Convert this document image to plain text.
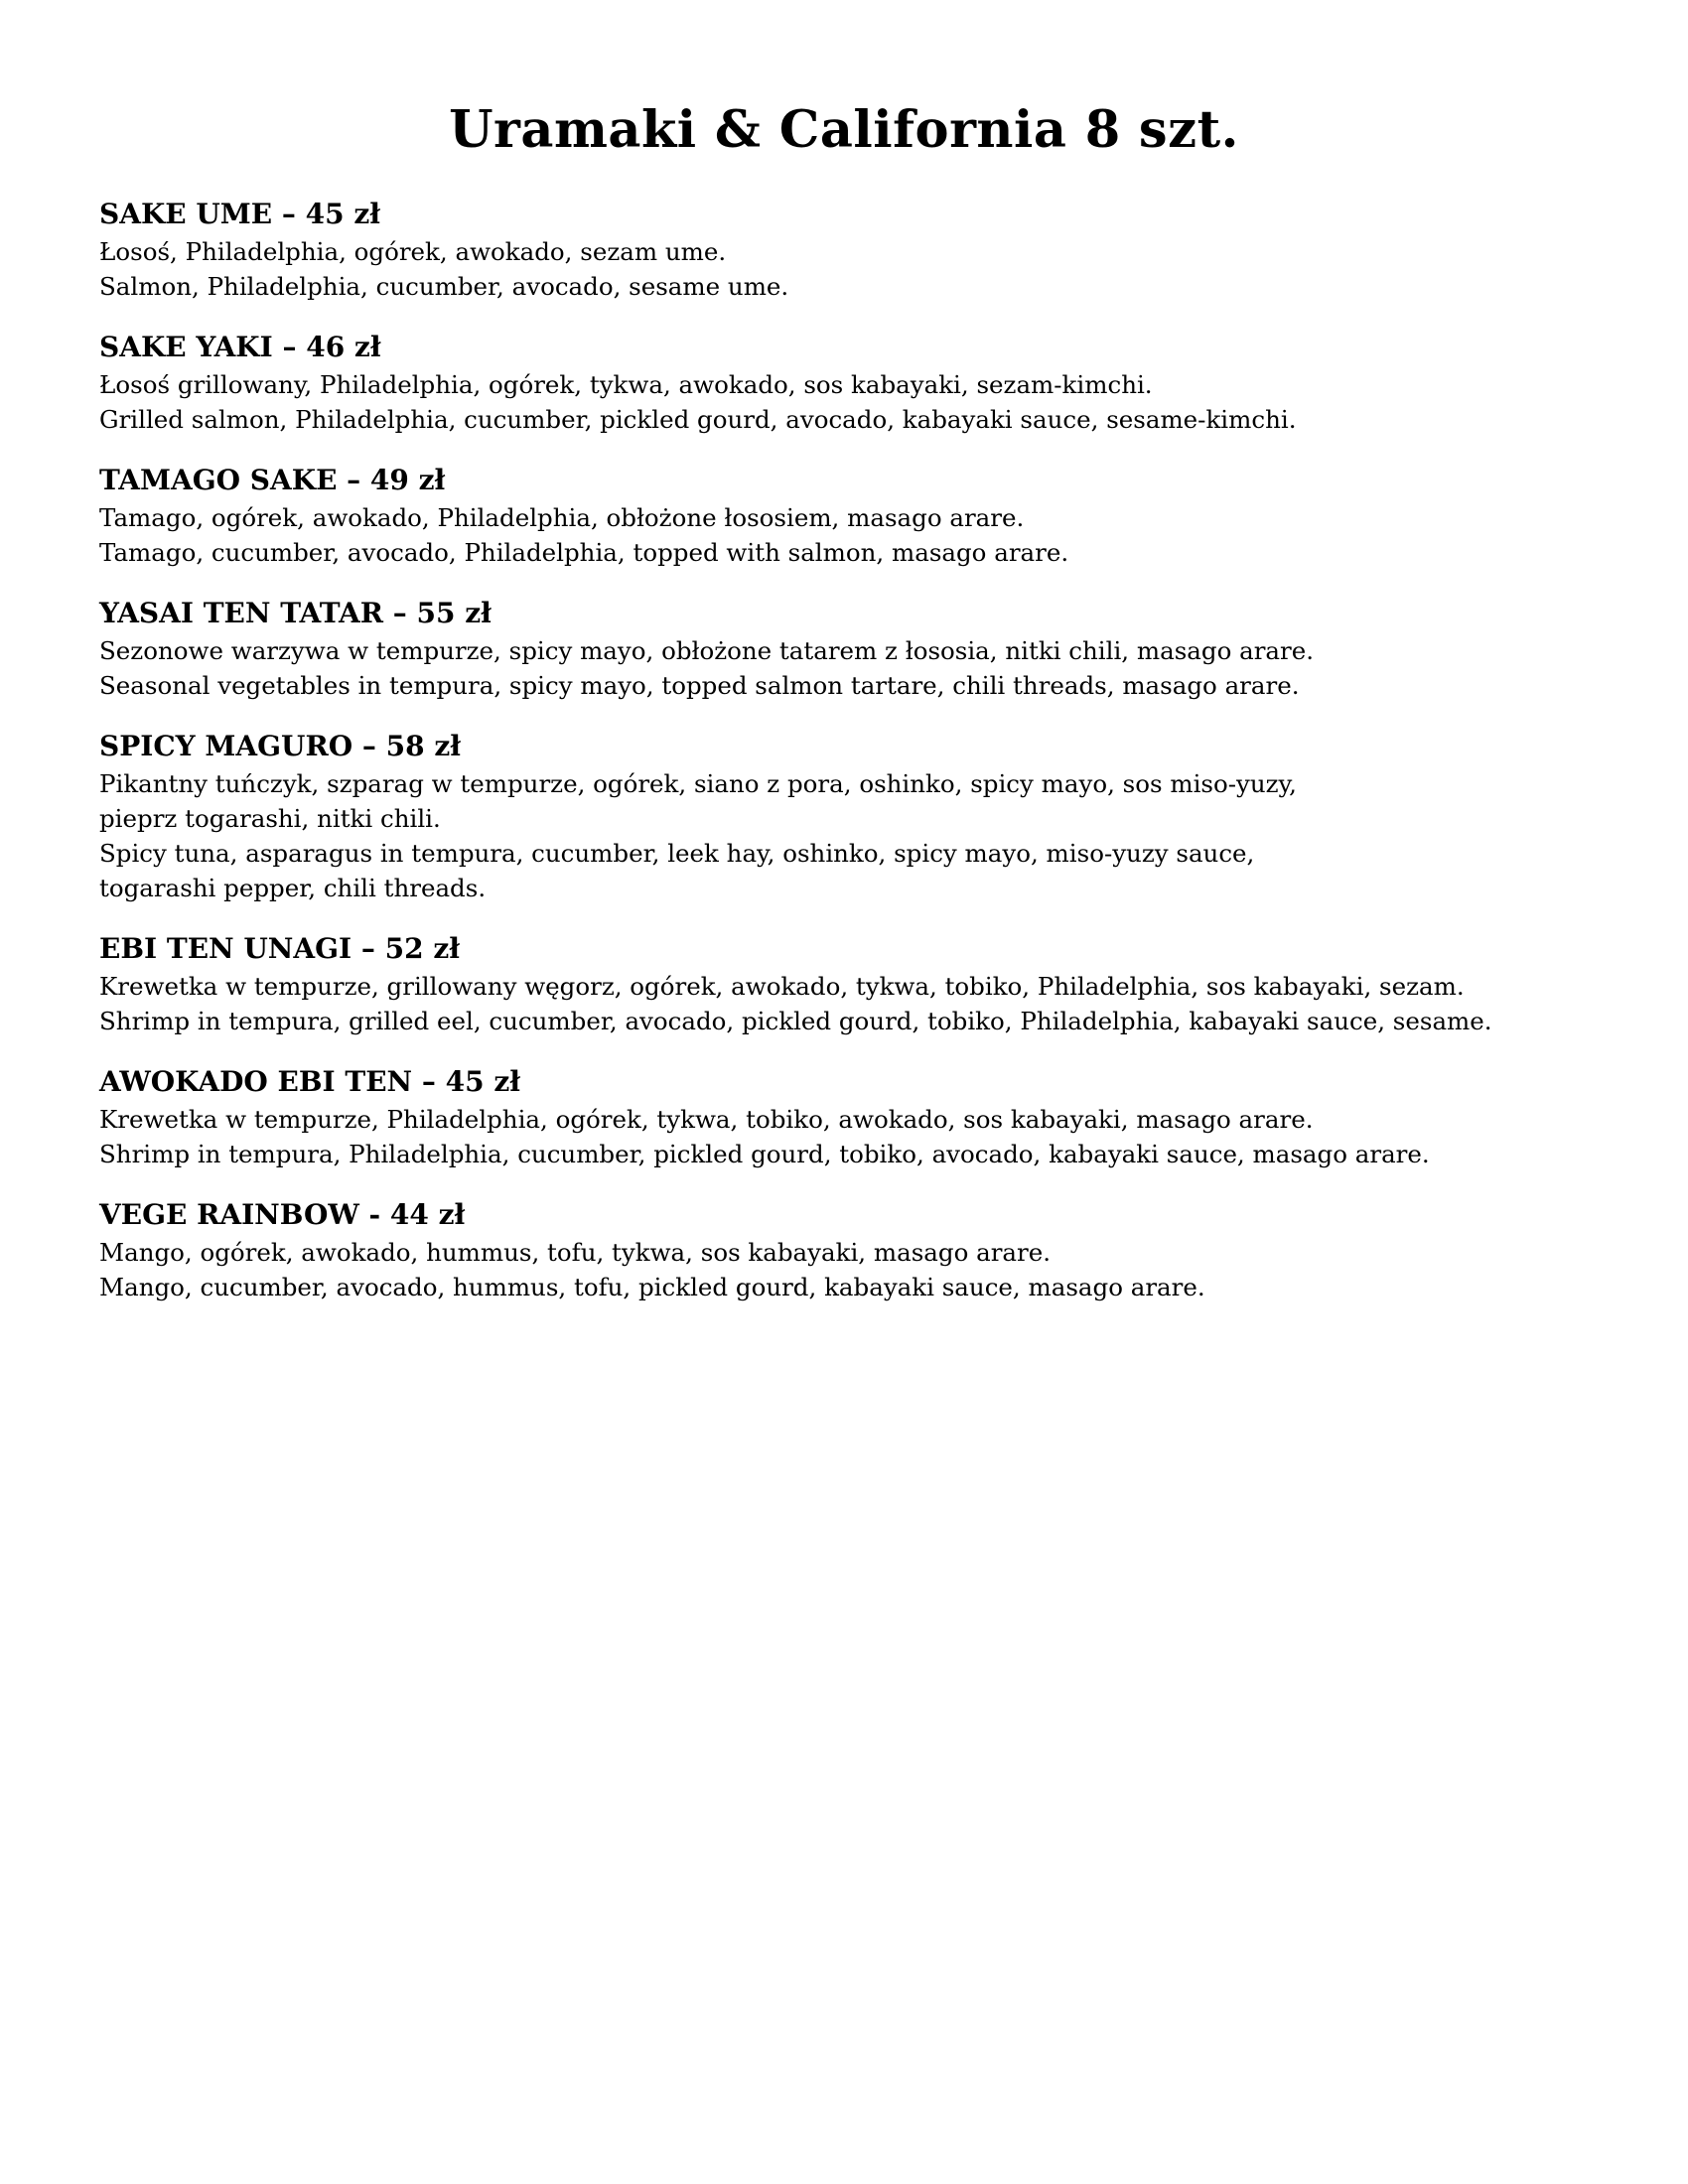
Uramaki & California 8 szt.

SAKE UME – 45 zł

Łosoś, Philadelphia, ogórek, awokado, sezam ume.
Salmon, Philadelphia, cucumber, avocado, sesame ume.

SAKE YAKI – 46 zł

Łosoś grillowany, Philadelphia, ogórek, tykwa, awokado, sos kabayaki, sezam-kimchi.
Grilled salmon, Philadelphia, cucumber, pickled gourd, avocado, kabayaki sauce, sesame-kimchi.

TAMAGO SAKE – 49 zł

Tamago, ogórek, awokado, Philadelphia, obłożone łososiem, masago arare.
Tamago, cucumber, avocado, Philadelphia, topped with salmon, masago arare.

YASAI TEN TATAR – 55 zł

Sezonowe warzywa w tempurze, spicy mayo, obłożone tatarem z łososia, nitki chili, masago arare.
Seasonal vegetables in tempura, spicy mayo, topped salmon tartare, chili threads, masago arare.

SPICY MAGURO – 58 zł

Pikantny tuńczyk, szparag w tempurze, ogórek, siano z pora, oshinko, spicy mayo, sos miso-yuzy,
pieprz togarashi, nitki chili.
Spicy tuna, asparagus in tempura, cucumber, leek hay, oshinko, spicy mayo, miso-yuzy sauce,
togarashi pepper, chili threads.

EBI TEN UNAGI – 52 zł

Krewetka w tempurze, grillowany węgorz, ogórek, awokado, tykwa, tobiko, Philadelphia, sos kabayaki, sezam.
Shrimp in tempura, grilled eel, cucumber, avocado, pickled gourd, tobiko, Philadelphia, kabayaki sauce, sesame.

AWOKADO EBI TEN – 45 zł

Krewetka w tempurze, Philadelphia, ogórek, tykwa, tobiko, awokado, sos kabayaki, masago arare.
Shrimp in tempura, Philadelphia, cucumber, pickled gourd, tobiko, avocado, kabayaki sauce, masago arare.

VEGE RAINBOW - 44 zł

Mango, ogórek, awokado, hummus, tofu, tykwa, sos kabayaki, masago arare.
Mango, cucumber, avocado, hummus, tofu, pickled gourd, kabayaki sauce, masago arare.
